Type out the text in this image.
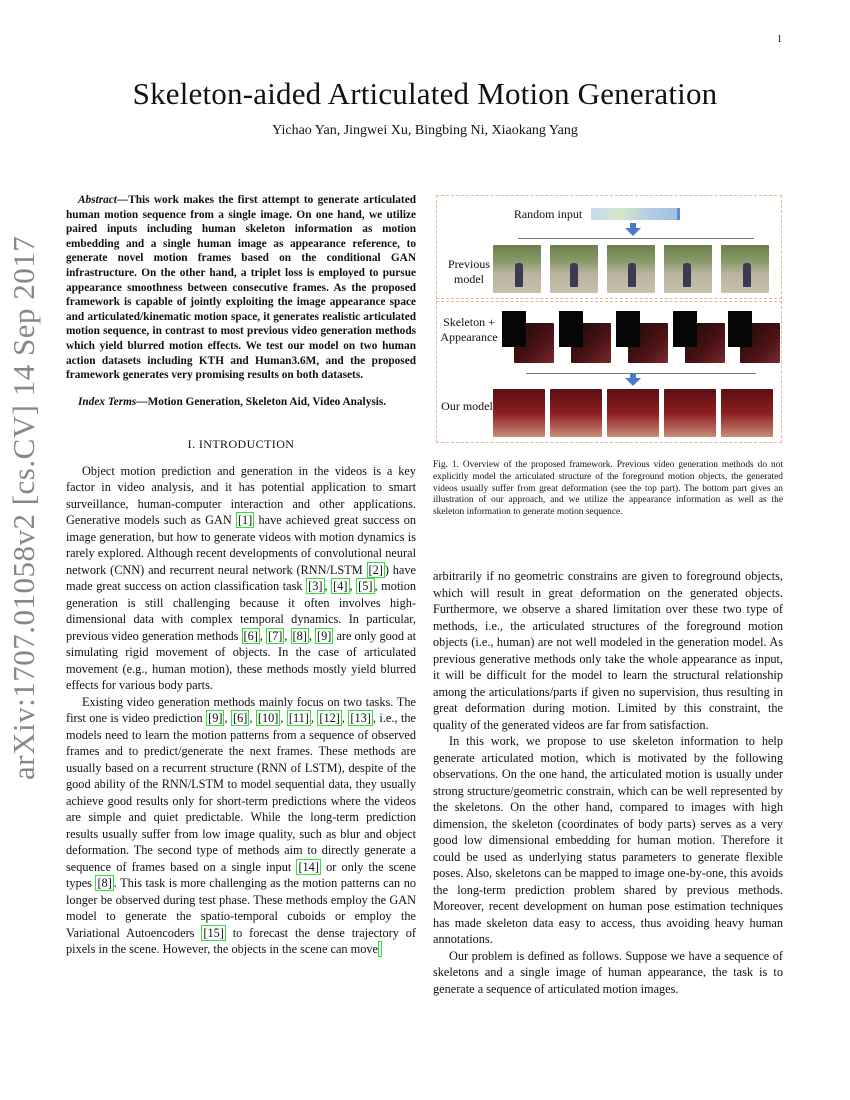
1
arXiv:1707.01058v2 [cs.CV] 14 Sep 2017
Skeleton-aided Articulated Motion Generation
Yichao Yan, Jingwei Xu, Bingbing Ni, Xiaokang Yang

Abstract—This work makes the first attempt to generate articulated human motion sequence from a single image. On one hand, we utilize paired inputs including human skeleton information as motion embedding and a single human image as appearance reference, to generate novel motion frames based on the conditional GAN infrastructure. On the other hand, a triplet loss is employed to pursue appearance smoothness between consecutive frames. As the proposed framework is capable of jointly exploiting the image appearance space and articulated/kinematic motion space, it generates realistic articulated motion sequence, in contrast to most previous video generation methods which yield blurred motion effects. We test our model on two human action datasets including KTH and Human3.6M, and the proposed framework generates very promising results on both datasets.

Index Terms—Motion Generation, Skeleton Aid, Video Analysis.

I. INTRODUCTION

Object motion prediction and generation in the videos is a key factor in video analysis, and it has potential application to smart surveillance, human-computer interaction and other applications. Generative models such as GAN [1] have achieved great success on image generation, but how to generate videos with motion dynamics is rarely explored. Although recent developments of convolutional neural network (CNN) and recurrent neural network (RNN/LSTM [2] ) have made great success on action classification task [3] , [4] , [5] , motion generation is still challenging because it often involves high-dimensional data with complex temporal dynamics. In particular, previous video generation methods [6] , [7] , [8] , [9] are only good at simulating rigid movement of objects. In the case of articulated movement (e.g., human motion), these methods mostly yield blurred effects for various body parts.

Existing video generation methods mainly focus on two tasks. The first one is video prediction [9] , [6] , [10] , [11] , [12] , [13] , i.e., the models need to learn the motion patterns from a sequence of observed frames and to predict/generate the next frames. These methods are usually based on a recurrent structure (RNN of LSTM), despite of the good ability of the RNN/LSTM to model sequential data, they usually achieve good results only for short-term predictions where the videos are simple and quiet predictable. While the long-term prediction results usually suffer from low image quality, such as blur and object deformation. The second type of methods aim to directly generate a sequence of frames based on a single input [14] or only the scene types [8] . This task is more challenging as the motion patterns can no longer be observed during test phase. These methods employ the GAN model to generate the spatio-temporal cuboids or employ the Variational Autoencoders [15] to forecast the dense trajectory of pixels in the scene. However, the objects in the scene can move

Random input
Previous model
Skeleton + Appearance
Our model
Fig. 1. Overview of the proposed framework. Previous video generation methods do not explicitly model the articulated structure of the foreground motion objects, the generated videos usually suffer from great deformation (see the top part). The bottom part gives an illustration of our approach, and we utilize the appearance information as well as the skeleton information to generate motion sequence.

arbitrarily if no geometric constrains are given to foreground objects, which will result in great deformation on the generated objects. Furthermore, we observe a shared limitation over these two type of methods, i.e., the articulated structures of the foreground motion objects (i.e., human) are not well modeled in the generation model. As previous generative methods only take the whole appearance as input, it will be difficult for the model to learn the structural relationship among the articulations/parts if given no supervision, thus resulting in great deformation during motion. Limited by this constraint, the quality of the generated videos are far from satisfaction.

In this work, we propose to use skeleton information to help generate articulated motion, which is motivated by the following observations. On the one hand, the articulated motion is usually under strong structure/geometric constrain, which can be well represented by the skeletons. On the other hand, compared to images with high dimension, the skeleton (coordinates of body parts) serves as a very good low dimensional embedding for human motion. Therefore it could be used as underlying status parameters to generate flexible poses. Also, skeletons can be mapped to image one-by-one, this avoids the long-term prediction problem shared by previous methods. Moreover, recent development on human pose estimation techniques has made skeleton data easy to access, thus avoiding heavy human annotations.

Our problem is defined as follows. Suppose we have a sequence of skeletons and a single image of human appearance, the task is to generate a sequence of articulated motion images.
